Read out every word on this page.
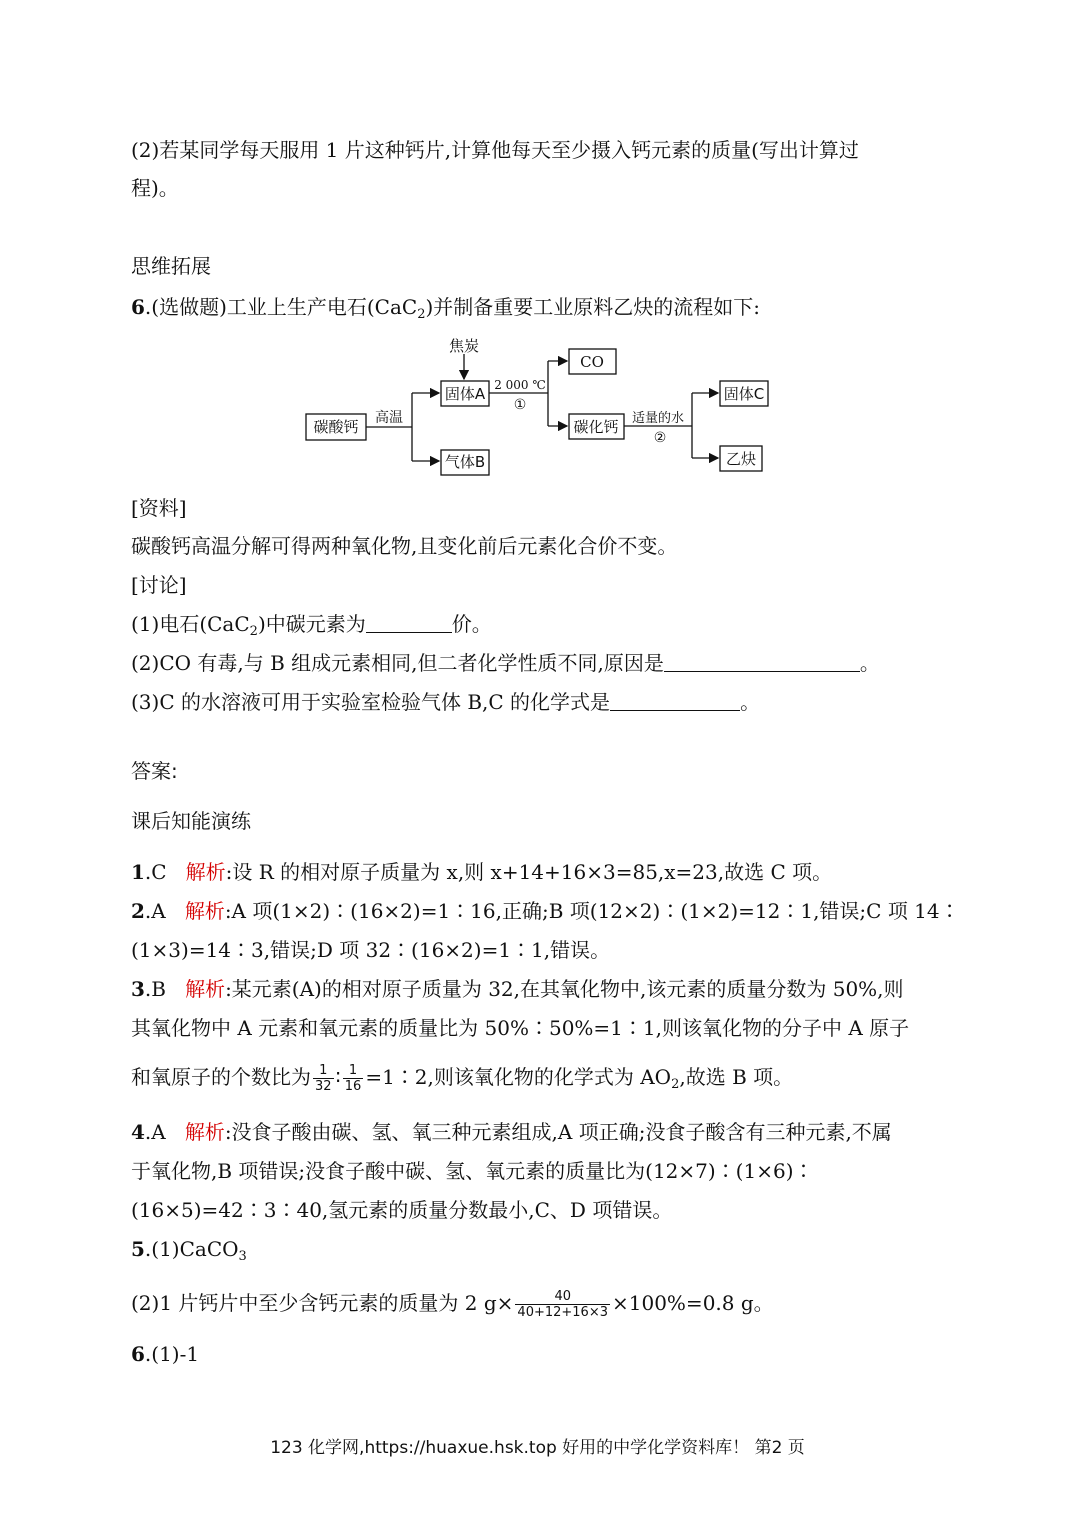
(2)若某同学每天服用 1 片这种钙片,计算他每天至少摄入钙元素的质量(写出计算过
程)。
思维拓展
6.(选做题)工业上生产电石(CaC$_2$)并制备重要工业原料乙炔的流程如下:
碳酸钙 高温
固体A
焦炭
气体B
2 000 ℃
①
CO
碳化钙 适量的水
②
固体C
乙炔
[资料]
碳酸钙高温分解可得两种氧化物,且变化前后元素化合价不变。
[讨论]
(1)电石(CaC$_2$)中碳元素为	价。
(2)CO 有毒,与 B 组成元素相同,但二者化学性质不同,原因是	。
(3)C 的水溶液可用于实验室检验气体 B,C 的化学式是	。
答案:
课后知能演练
1.C 解析:设 R 的相对原子质量为 x,则 x+14+16×3=85,x=23,故选 C 项。
2.A 解析:A 项(1×2)∶(16×2)=1∶16,正确;B 项(12×2)∶(1×2)=12∶1,错误;C 项 14∶
(1×3)=14∶3,错误;D 项 32∶(16×2)=1∶1,错误。
3.B 解析:某元素(A)的相对原子质量为 32,在其氧化物中,该元素的质量分数为 50%,则
其氧化物中 A 元素和氧元素的质量比为 50%∶50%=1∶1,则该氧化物的分子中 A 原子
和氧原子的个数比为 $\frac{1}{32}$ ∶ $\frac{1}{16}$ =1∶2,则该氧化物的化学式为 $AO_2$,故选 B 项。
4.A 解析:没食子酸由碳、氢、氧三种元素组成,A 项正确;没食子酸含有三种元素,不属
于氧化物,B 项错误;没食子酸中碳、氢、氧元素的质量比为(12×7)∶(1×6)∶
(16×5)=42∶3∶40,氢元素的质量分数最小,C、D 项错误。
5.(1)CaCO$_3$
(2)1 片钙片中至少含钙元素的质量为 2 $g\times \frac{40}{40+12+16\times 3} \times 100\%=0.8$ g。
6.(1)-1
123 化学网,https://huaxue.hsk.top 好用的中学化学资料库！ 第2 页
